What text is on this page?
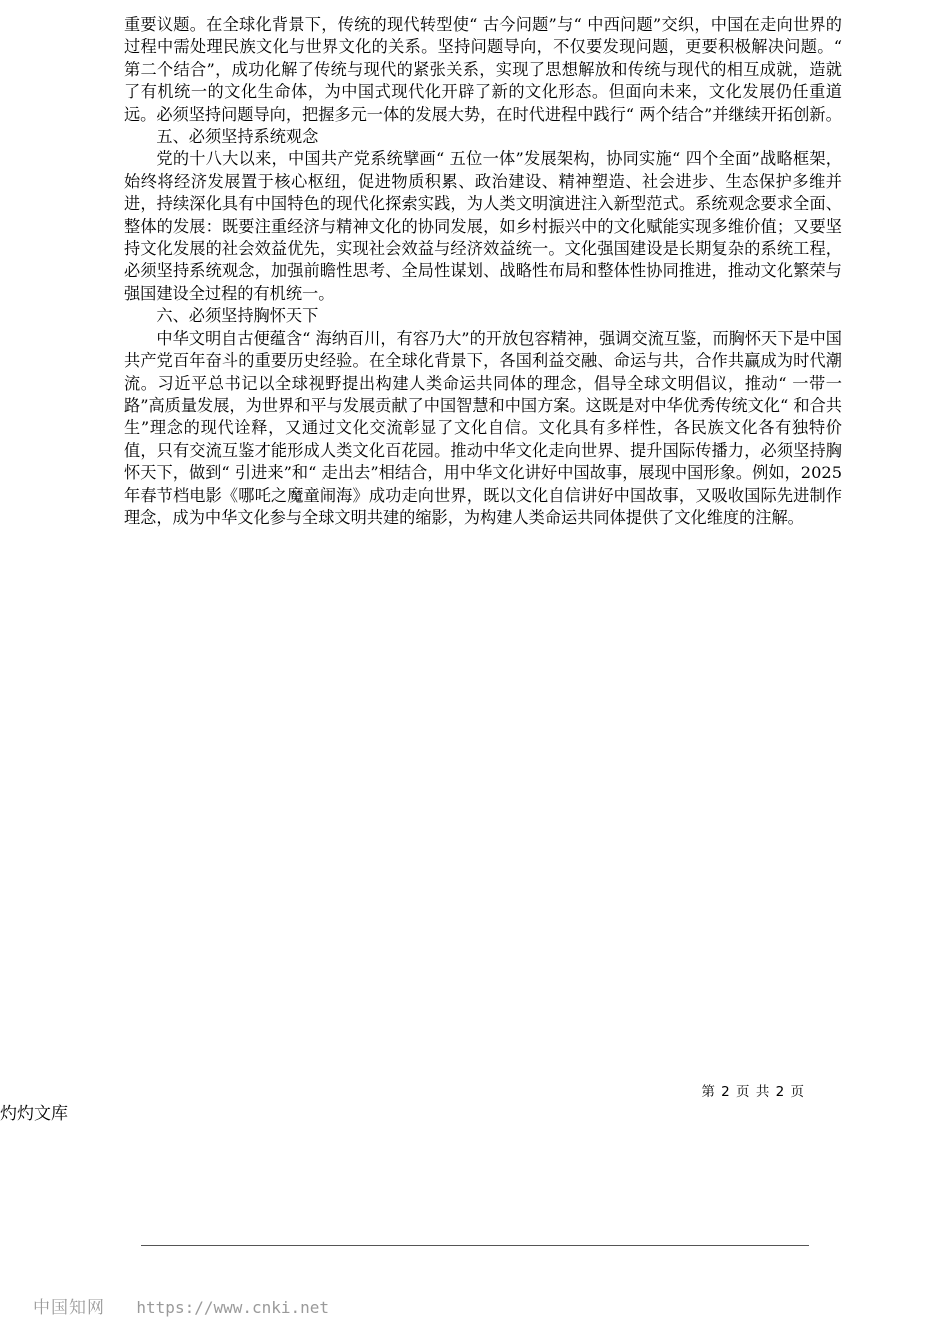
重要议题。在全球化背景下，传统的现代转型使“ 古今问题”与“ 中西问题”交织，中国在走向世界的过程中需处理民族文化与世界文化的关系。坚持问题导向，不仅要发现问题，更要积极解决问题。“ 第二个结合”，成功化解了传统与现代的紧张关系，实现了思想解放和传统与现代的相互成就，造就了有机统一的文化生命体，为中国式现代化开辟了新的文化形态。但面向未来，文化发展仍任重道远。必须坚持问题导向，把握多元一体的发展大势，在时代进程中践行“ 两个结合”并继续开拓创新。

五、必须坚持系统观念

党的十八大以来，中国共产党系统擘画“ 五位一体”发展架构，协同实施“ 四个全面”战略框架，始终将经济发展置于核心枢纽，促进物质积累、政治建设、精神塑造、社会进步、生态保护多维并进，持续深化具有中国特色的现代化探索实践，为人类文明演进注入新型范式。系统观念要求全面、整体的发展：既要注重经济与精神文化的协同发展，如乡村振兴中的文化赋能实现多维价值；又要坚持文化发展的社会效益优先，实现社会效益与经济效益统一。文化强国建设是长期复杂的系统工程，必须坚持系统观念，加强前瞻性思考、全局性谋划、战略性布局和整体性协同推进，推动文化繁荣与强国建设全过程的有机统一。

六、必须坚持胸怀天下

中华文明自古便蕴含“ 海纳百川，有容乃大”的开放包容精神，强调交流互鉴，而胸怀天下是中国共产党百年奋斗的重要历史经验。在全球化背景下，各国利益交融、命运与共，合作共赢成为时代潮流。习近平总书记以全球视野提出构建人类命运共同体的理念，倡导全球文明倡议，推动“ 一带一路”高质量发展，为世界和平与发展贡献了中国智慧和中国方案。这既是对中华优秀传统文化“ 和合共生”理念的现代诠释，又通过文化交流彰显了文化自信。文化具有多样性，各民族文化各有独特价值，只有交流互鉴才能形成人类文化百花园。推动中华文化走向世界、提升国际传播力，必须坚持胸怀天下，做到“ 引进来”和“ 走出去”相结合，用中华文化讲好中国故事，展现中国形象。例如，2025 年春节档电影《哪吒之魔童闹海》成功走向世界，既以文化自信讲好中国故事，又吸收国际先进制作理念，成为中华文化参与全球文明共建的缩影，为构建人类命运共同体提供了文化维度的注解。

第 2 页 共 2 页
灼灼文库
中国知网 https://www.cnki.net
